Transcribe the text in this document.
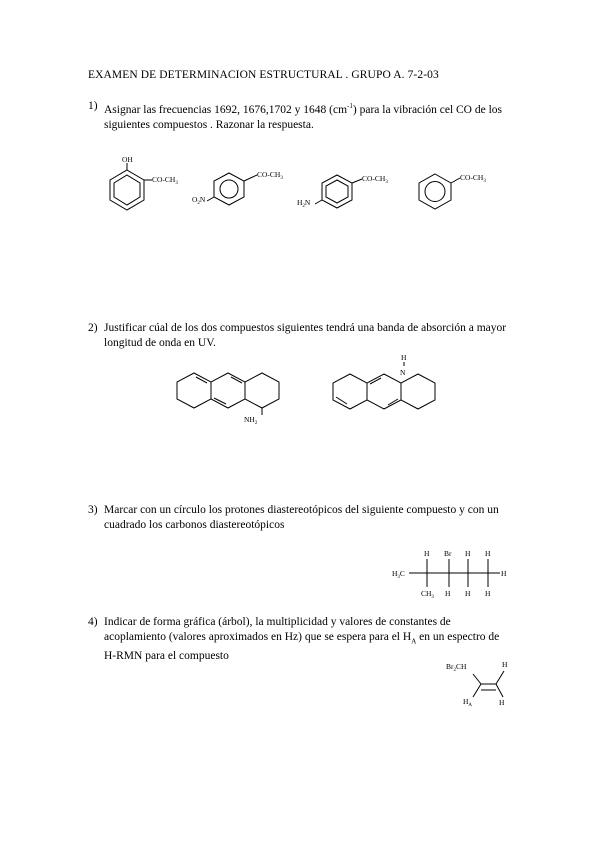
EXAMEN DE DETERMINACION ESTRUCTURAL . GRUPO A. 7-2-03
1) Asignar las frecuencias 1692, 1676,1702 y 1648 $(cm^{-1})$ para la vibración cel CO de los siguientes compuestos . Razonar la respuesta.
2) Justificar cúal de los dos compuestos siguientes tendrá una banda de absorción a mayor longitud de onda en UV.
3) Marcar con un círculo los protones diastereotópicos del siguiente compuesto y con un cuadrado los carbonos diastereotópicos
4) Indicar de forma gráfica (árbol), la multiplicidad y valores de constantes de acoplamiento (valores aproximados en Hz) que se espera para el $H_A$ en un espectro de H-RMN para el compuesto
OH
$CO-CH_3$
$CO-CH_3$
$O_2N$
$CO-CH_3$
$H_2N$
$CO-CH_3$
$NH_2$
H
N
H Br H H
$H_3C$	H
$CH_3$ H H H
$Br_2CH$	H
$H_A$	H
